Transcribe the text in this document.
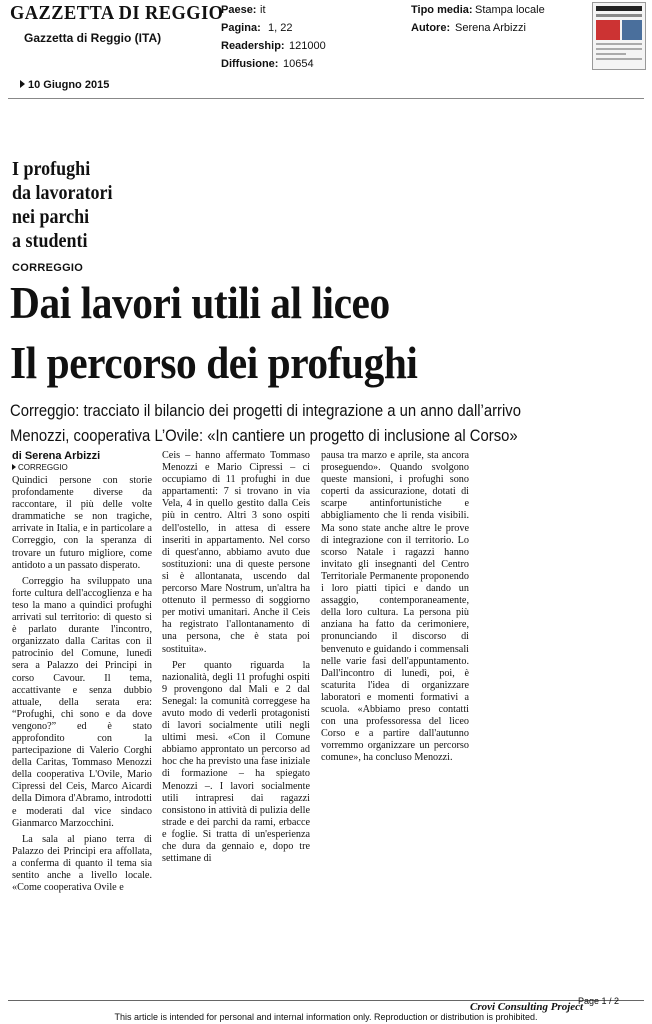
GAZZETTA DI REGGIO
Gazzetta di Reggio (ITA)
Paese: it
Pagina: 1, 22
Readership: 121000
Diffusione: 10654
Tipo media: Stampa locale
Autore: Serena Arbizzi
10 Giugno 2015
I profughi
da lavoratori
nei parchi
a studenti
CORREGGIO
Dai lavori utili al liceo
Il percorso dei profughi
Correggio: tracciato il bilancio dei progetti di integrazione a un anno dall’arrivo
Menozzi, cooperativa L’Ovile: «In cantiere un progetto di inclusione al Corso»
di Serena Arbizzi
CORREGGIO

Quindici persone con storie profondamente diverse da raccontare, il più delle volte drammatiche se non tragiche, arrivate in Italia, e in particolare a Correggio, con la speranza di trovare un futuro migliore, come antidoto a un passato disperato.

Correggio ha sviluppato una forte cultura dell'accoglienza e ha teso la mano a quindici profughi arrivati sul territorio: di questo si è parlato durante l'incontro, organizzato dalla Caritas con il patrocinio del Comune, lunedì sera a Palazzo dei Principi in corso Cavour. Il tema, accattivante e senza dubbio attuale, della serata era: “Profughi, chi sono e da dove vengono?” ed è stato approfondito con la partecipazione di Valerio Corghi della Caritas, Tommaso Menozzi della cooperativa L'Ovile, Mario Cipressi del Ceis, Marco Aicardi della Dimora d'Abramo, introdotti e moderati dal vice sindaco Gianmarco Marzocchini.

La sala al piano terra di Palazzo dei Principi era affollata, a conferma di quanto il tema sia sentito anche a livello locale. «Come cooperativa Ovile e

Ceis – hanno affermato Tommaso Menozzi e Mario Cipressi – ci occupiamo di 11 profughi in due appartamenti: 7 si trovano in via Vela, 4 in quello gestito dalla Ceis più in centro. Altri 3 sono ospiti dell'ostello, in attesa di essere inseriti in appartamento. Nel corso di quest'anno, abbiamo avuto due sostituzioni: una di queste persone si è allontanata, uscendo dal percorso Mare Nostrum, un'altra ha ottenuto il permesso di soggiorno per motivi umanitari. Anche il Ceis ha registrato l'allontanamento di una persona, che è stata poi sostituita».

Per quanto riguarda la nazionalità, degli 11 profughi ospiti 9 provengono dal Mali e 2 dal Senegal: la comunità correggese ha avuto modo di vederli protagonisti di lavori socialmente utili negli ultimi mesi. «Con il Comune abbiamo approntato un percorso ad hoc che ha previsto una fase iniziale di formazione – ha spiegato Menozzi –. I lavori socialmente utili intrapresi dai ragazzi consistono in attività di pulizia delle strade e dei parchi da rami, erbacce e foglie. Si tratta di un'esperienza che dura da gennaio e, dopo tre settimane di

pausa tra marzo e aprile, sta ancora proseguendo». Quando svolgono queste mansioni, i profughi sono coperti da assicurazione, dotati di scarpe antinfortunistiche e abbigliamento che li renda visibili. Ma sono state anche altre le prove di integrazione con il territorio. Lo scorso Natale i ragazzi hanno invitato gli insegnanti del Centro Territoriale Permanente proponendo i loro piatti tipici e dando un assaggio, contemporaneamente, della loro cultura. La persona più anziana ha fatto da cerimoniere, pronunciando il discorso di benvenuto e guidando i commensali nelle varie fasi dell'appuntamento. Dall'incontro di lunedì, poi, è scaturita l'idea di organizzare laboratori e momenti formativi a scuola. «Abbiamo preso contatti con una professoressa del liceo Corso e a partire dall'autunno vorremmo organizzare un percorso comune», ha concluso Menozzi.

Crovi Consulting Project
Page 1 / 2
This article is intended for personal and internal information only. Reproduction or distribution is prohibited.
